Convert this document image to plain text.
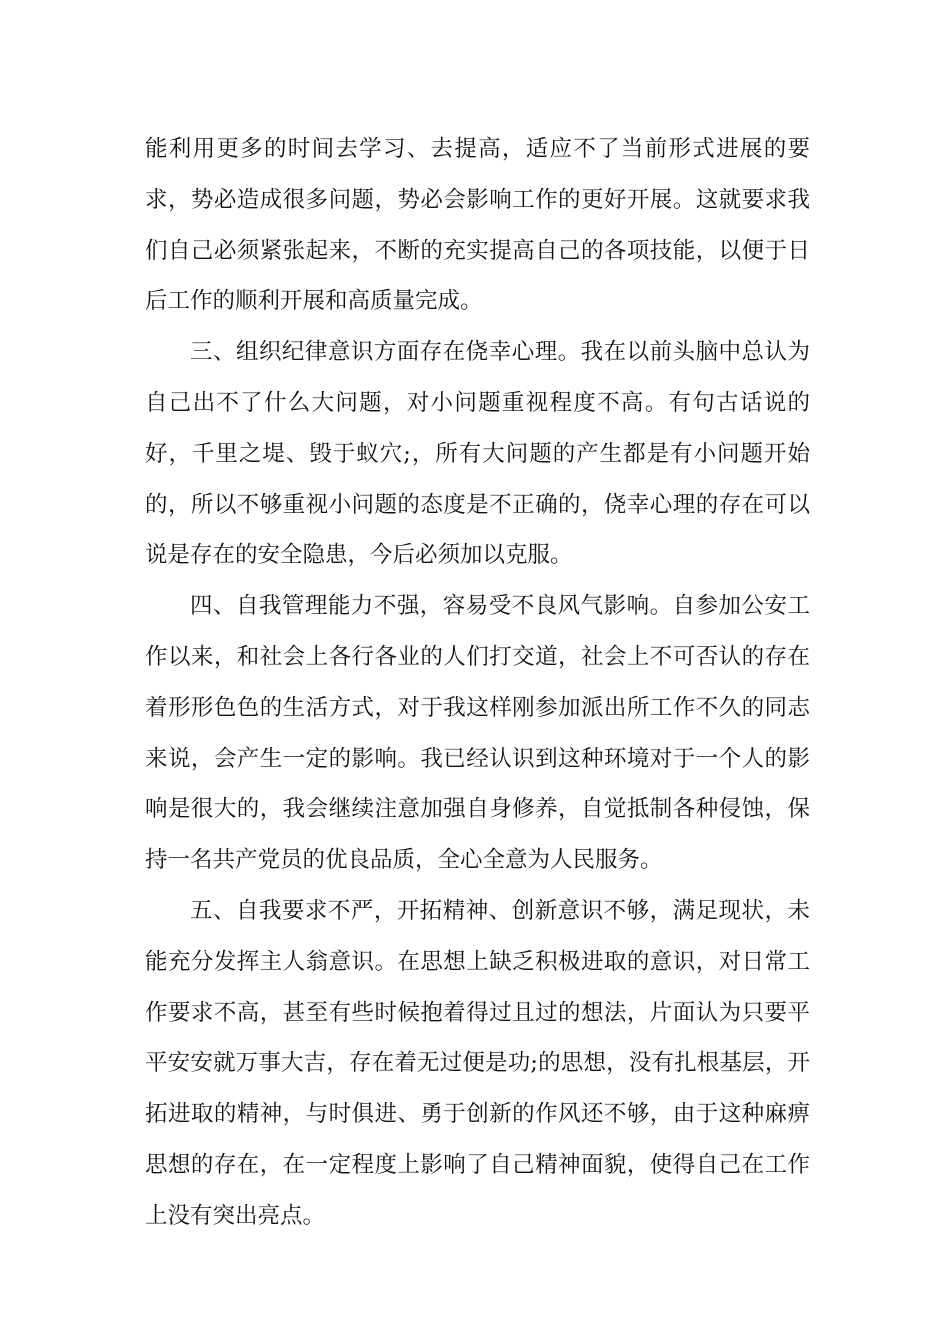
能利用更多的时间去学习、去提高，适应不了当前形式进展的要求，势必造成很多问题，势必会影响工作的更好开展。这就要求我们自己必须紧张起来，不断的充实提高自己的各项技能，以便于日后工作的顺利开展和高质量完成。

三、组织纪律意识方面存在侥幸心理。我在以前头脑中总认为自己出不了什么大问题，对小问题重视程度不高。有句古话说的好，千里之堤、毁于蚁穴;，所有大问题的产生都是有小问题开始的，所以不够重视小问题的态度是不正确的，侥幸心理的存在可以说是存在的安全隐患，今后必须加以克服。

四、自我管理能力不强，容易受不良风气影响。自参加公安工作以来，和社会上各行各业的人们打交道，社会上不可否认的存在着形形色色的生活方式，对于我这样刚参加派出所工作不久的同志来说，会产生一定的影响。我已经认识到这种环境对于一个人的影响是很大的，我会继续注意加强自身修养，自觉抵制各种侵蚀，保持一名共产党员的优良品质，全心全意为人民服务。

五、自我要求不严，开拓精神、创新意识不够，满足现状，未能充分发挥主人翁意识。在思想上缺乏积极进取的意识，对日常工作要求不高，甚至有些时候抱着得过且过的想法，片面认为只要平平安安就万事大吉，存在着无过便是功;的思想，没有扎根基层，开拓进取的精神，与时俱进、勇于创新的作风还不够，由于这种麻痹思想的存在，在一定程度上影响了自己精神面貌，使得自己在工作上没有突出亮点。
